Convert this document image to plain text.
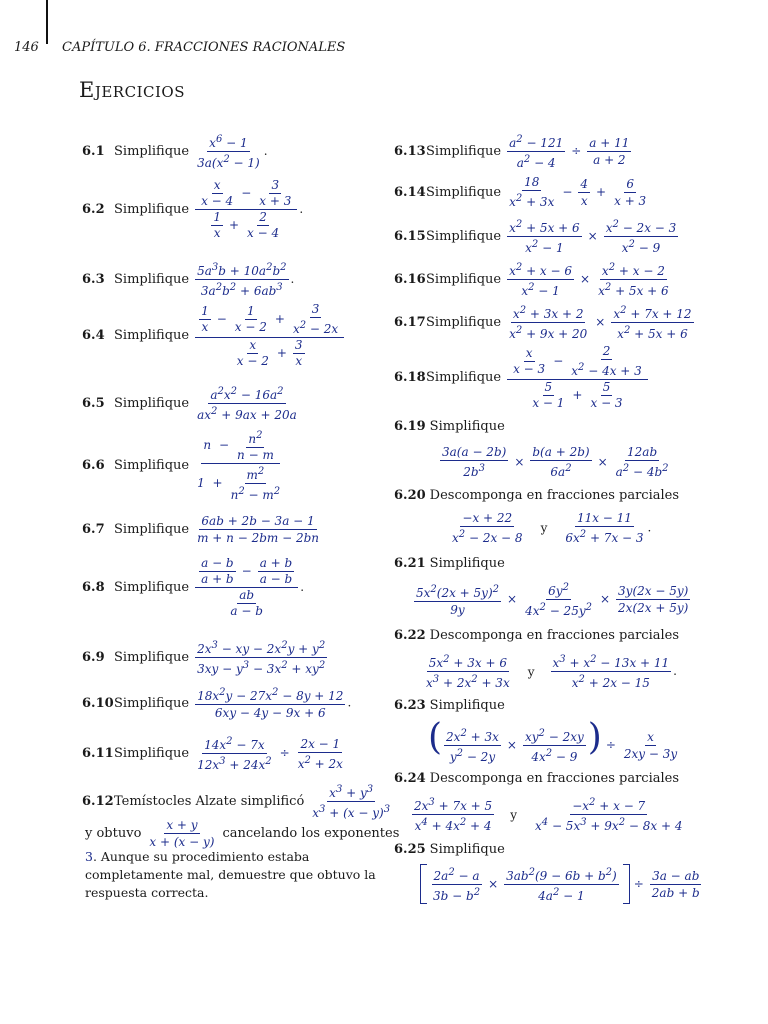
146 CAPÍTULO 6. FRACCIONES RACIONALES
Ejercicios
6.1 Simplifique $\frac{x^6 - 1}{3a(x^2 - 1)}$ .
6.2 Simplifique $\frac{\frac{x}{x - 4} - \frac{3}{x + 3}}{\frac{1}{x} + \frac{2}{x - 4}}$ .
6.3 Simplifique $\frac{5a^3b + 10a^2b^2}{3a^2b^2 + 6ab^3}$ .
6.4 Simplifique $\frac{\frac{1}{x} - \frac{1}{x - 2} + \frac{3}{x^2 - 2x}}{\frac{x}{x - 2} + \frac{3}{x}}$
6.5 Simplifique $\frac{a^2x^2 - 16a^2}{ax^2 + 9ax + 20a}$
6.6 Simplifique $\frac{n - \frac{n^2}{n - m}}{1 + \frac{m^2}{n^2 - m^2}}$
6.7 Simplifique $\frac{6ab + 2b - 3a - 1}{m + n - 2bm - 2bn}$
6.8 Simplifique $\frac{\frac{a - b}{a + b} - \frac{a + b}{a - b}}{\frac{ab}{a - b}}$ .
6.9 Simplifique $\frac{2x^3 - xy - 2x^2y + y^2}{3xy - y^3 - 3x^2 + xy^2}$
6.10 Simplifique $\frac{18x^2y - 27x^2 - 8y + 12}{6xy - 4y - 9x + 6}$ .
6.11 Simplifique $\frac{14x^2 - 7x}{12x^3 + 24x^2} \div \frac{2x - 1}{x^2 + 2x}$
6.12 Temístocles Alzate simplificó $\frac{x^3 + y^3}{x^3 + (x - y)^3}$
y obtuvo $\frac{x + y}{x + (x - y)}$ cancelando los exponentes
3. Aunque su procedimiento estaba completamente mal, demuestre que obtuvo la respuesta correcta.
6.13 Simplifique $\frac{a^2 - 121}{a^2 - 4} \div \frac{a + 11}{a + 2}$
6.14 Simplifique $\frac{18}{x^2 + 3x} - \frac{4}{x} + \frac{6}{x + 3}$
6.15 Simplifique $\frac{x^2 + 5x + 6}{x^2 - 1} \times \frac{x^2 - 2x - 3}{x^2 - 9}$
6.16 Simplifique $\frac{x^2 + x - 6}{x^2 - 1} \times \frac{x^2 + x - 2}{x^2 + 5x + 6}$
6.17 Simplifique $\frac{x^2 + 3x + 2}{x^2 + 9x + 20} \times \frac{x^2 + 7x + 12}{x^2 + 5x + 6}$
6.18 Simplifique $\frac{\frac{x}{x - 3} - \frac{2}{x^2 - 4x + 3}}{\frac{5}{x - 1} + \frac{5}{x - 3}}$
6.19 Simplifique
$\frac{3a(a - 2b)}{2b^3} \times \frac{b(a + 2b)}{6a^2} \times \frac{12ab}{a^2 - 4b^2}$
6.20 Descomponga en fracciones parciales
$\frac{-x + 22}{x^2 - 2x - 8}$ y $\frac{11x - 11}{6x^2 + 7x - 3}$ .
6.21 Simplifique
$\frac{5x^2(2x + 5y)^2}{9y} \times \frac{6y^2}{4x^2 - 25y^2} \times \frac{3y(2x - 5y)}{2x(2x + 5y)}$
6.22 Descomponga en fracciones parciales
$\frac{5x^2 + 3x + 6}{x^3 + 2x^2 + 3x}$ y $\frac{x^3 + x^2 - 13x + 11}{x^2 + 2x - 15}$ .
6.23 Simplifique
( $\frac{2x^2 + 3x}{y^2 - 2y} \times \frac{xy^2 - 2xy}{4x^2 - 9}$ ) ÷ $\frac{x}{2xy - 3y}$
6.24 Descomponga en fracciones parciales
$\frac{2x^3 + 7x + 5}{x^4 + 4x^2 + 4}$ y $\frac{-x^2 + x - 7}{x^4 - 5x^3 + 9x^2 - 8x + 4}$
6.25 Simplifique
$\frac{2a^2 - a}{3b - b^2} \times \frac{3ab^2(9 - 6b + b^2)}{4a^2 - 1} \div \frac{3a - ab}{2ab + b}$
